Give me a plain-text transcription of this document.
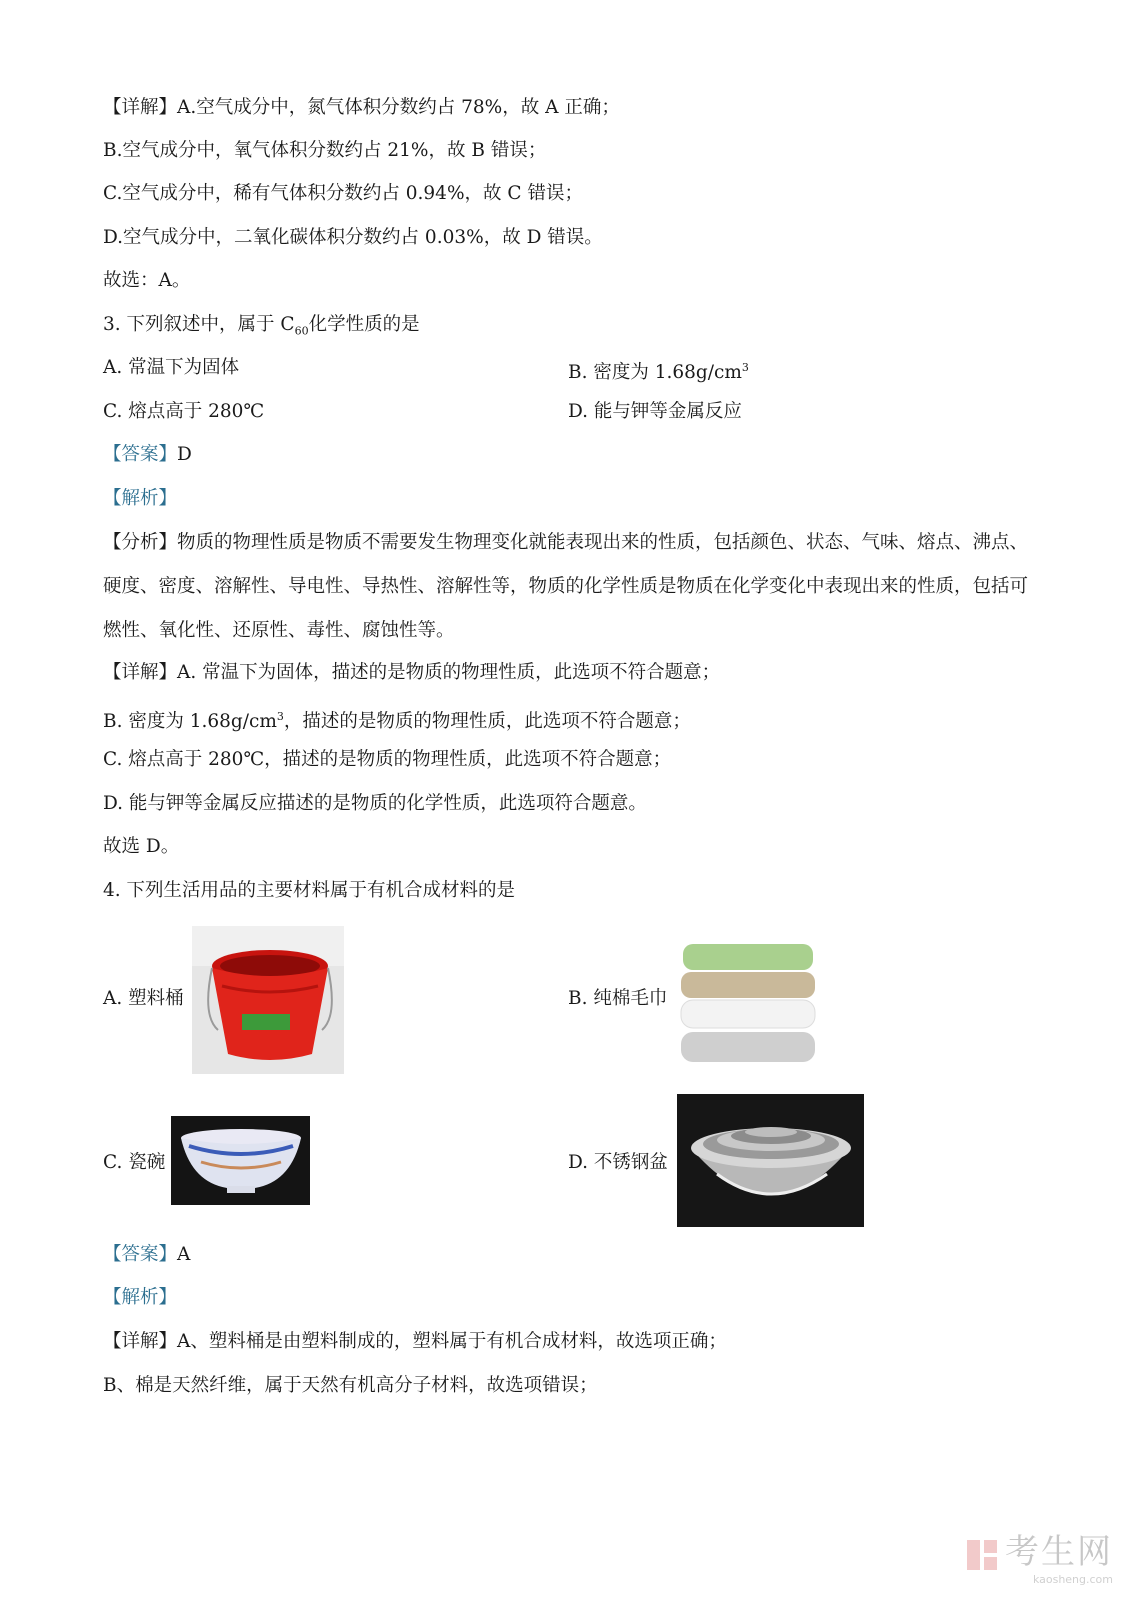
【详解】A.空气成分中，氮气体积分数约占 78%，故 A 正确；
B.空气成分中，氧气体积分数约占 21%，故 B 错误；
C.空气成分中，稀有气体积分数约占 0.94%，故 C 错误；
D.空气成分中，二氧化碳体积分数约占 0.03%，故 D 错误。
故选：A。
3. 下列叙述中，属于 $C_{60}$化学性质的是
A. 常温下为固体	B. 密度为 $1.68g/cm^3$
C. 熔点高于 280℃	D. 能与钾等金属反应
【答案】D
【解析】
【分析】物质的物理性质是物质不需要发生物理变化就能表现出来的性质，包括颜色、状态、气味、熔点、沸点、硬度、密度、溶解性、导电性、导热性、溶解性等，物质的化学性质是物质在化学变化中表现出来的性质，包括可燃性、氧化性、还原性、毒性、腐蚀性等。
【详解】A. 常温下为固体，描述的是物质的物理性质，此选项不符合题意；
B. 密度为 $1.68g/cm^3$，描述的是物质的物理性质，此选项不符合题意；
C. 熔点高于 280℃，描述的是物质的物理性质，此选项不符合题意；
D. 能与钾等金属反应描述的是物质的化学性质，此选项符合题意。
故选 D。
4. 下列生活用品的主要材料属于有机合成材料的是
A. 塑料桶	B. 纯棉毛巾
C. 瓷碗	D. 不锈钢盆
【答案】A
【解析】
【详解】A、塑料桶是由塑料制成的，塑料属于有机合成材料，故选项正确；
B、棉是天然纤维，属于天然有机高分子材料，故选项错误；
考生网
kaosheng.com
